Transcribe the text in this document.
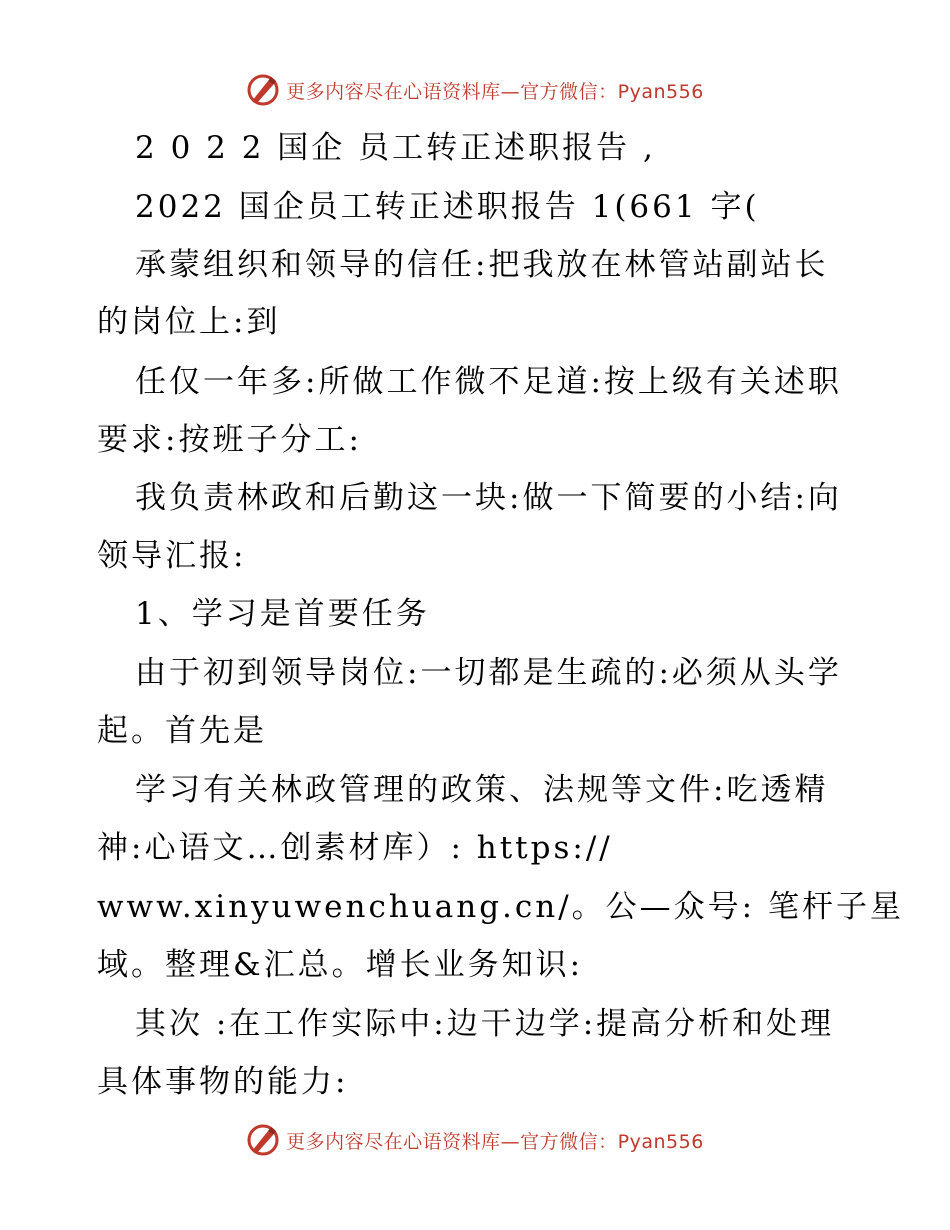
更多内容尽在心语资料库—官方微信：Pyan556
2 0 2 2 国企 员工转正述职报告 ,
2022 国企员工转正述职报告 1(661 字(
承蒙组织和领导的信任:把我放在林管站副站长
的岗位上:到
任仅一年多:所做工作微不足道:按上级有关述职
要求:按班子分工:
我负责林政和后勤这一块:做一下简要的小结:向
领导汇报:
1、学习是首要任务
由于初到领导岗位:一切都是生疏的:必须从头学
起。首先是
学习有关林政管理的政策、法规等文件:吃透精
神:心语文…创素材库）: https://
www.xinyuwenchuang.cn/。公—众号: 笔杆子星
域。整理&汇总。增长业务知识:
其次 :在工作实际中:边干边学:提高分析和处理
具体事物的能力:
更多内容尽在心语资料库—官方微信：Pyan556
